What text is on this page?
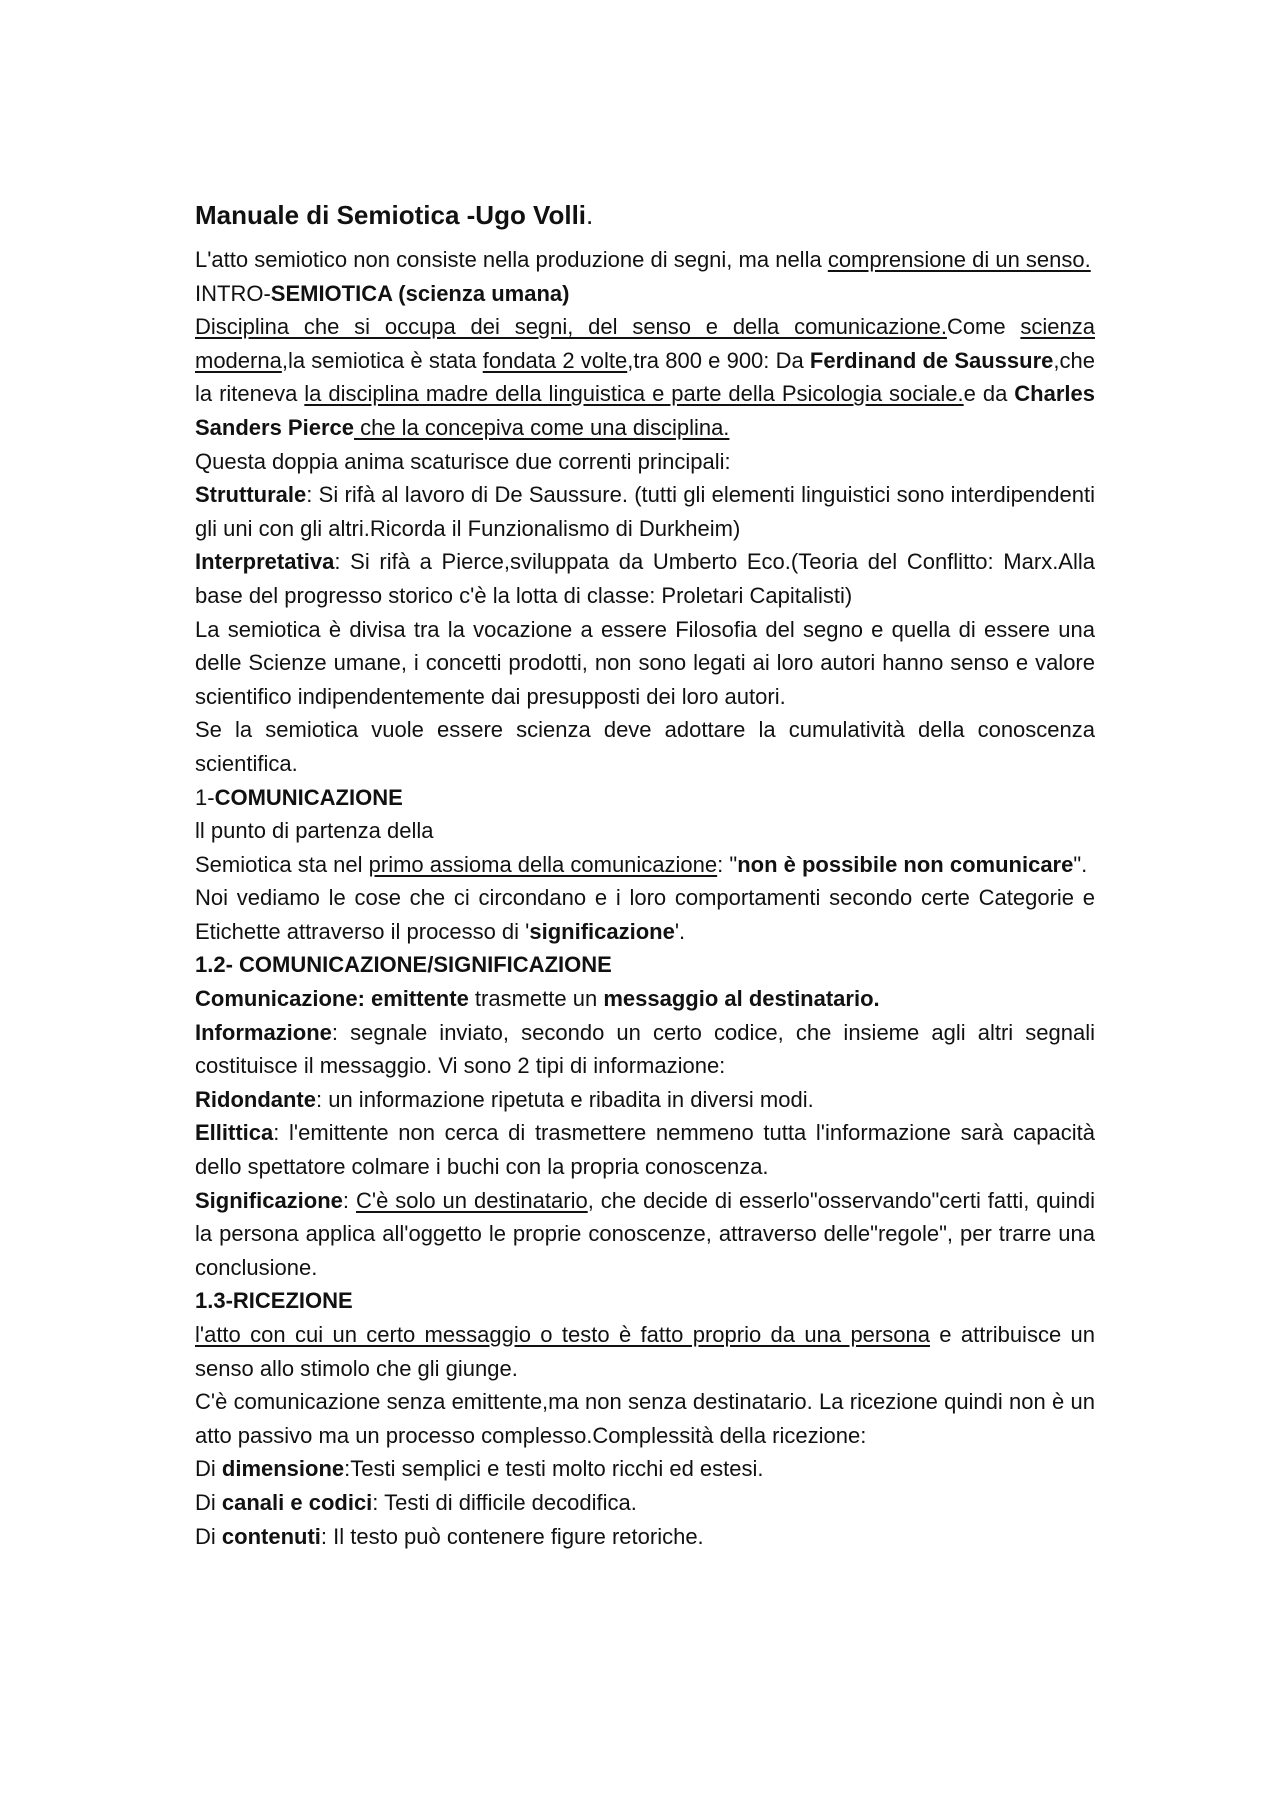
Manuale di Semiotica -Ugo Volli.

L'atto semiotico non consiste nella produzione di segni, ma nella comprensione di un senso.

INTRO-SEMIOTICA (scienza umana)

Disciplina che si occupa dei segni, del senso e della comunicazione.Come scienza moderna,la semiotica è stata fondata 2 volte,tra 800 e 900: Da Ferdinand de Saussure,che la riteneva la disciplina madre della linguistica e parte della Psicologia sociale.e da Charles Sanders Pierce che la concepiva come una disciplina.

Questa doppia anima scaturisce due correnti principali:

Strutturale: Si rifà al lavoro di De Saussure. (tutti gli elementi linguistici sono interdipendenti gli uni con gli altri.Ricorda il Funzionalismo di Durkheim)

Interpretativa: Si rifà a Pierce,sviluppata da Umberto Eco.(Teoria del Conflitto: Marx.Alla base del progresso storico c'è la lotta di classe: Proletari Capitalisti)

La semiotica è divisa tra la vocazione a essere Filosofia del segno e quella di essere una delle Scienze umane, i concetti prodotti, non sono legati ai loro autori hanno senso e valore scientifico indipendentemente dai presupposti dei loro autori.

Se la semiotica vuole essere scienza deve adottare la cumulatività della conoscenza scientifica.

1-COMUNICAZIONE

ll punto di partenza della

Semiotica sta nel primo assioma della comunicazione: "non è possibile non comunicare".

Noi vediamo le cose che ci circondano e i loro comportamenti secondo certe Categorie e Etichette attraverso il processo di 'significazione'.

1.2- COMUNICAZIONE/SIGNIFICAZIONE

Comunicazione: emittente trasmette un messaggio al destinatario.

Informazione: segnale inviato, secondo un certo codice, che insieme agli altri segnali costituisce il messaggio. Vi sono 2 tipi di informazione:

Ridondante: un informazione ripetuta e ribadita in diversi modi.

Ellittica: l'emittente non cerca di trasmettere nemmeno tutta l'informazione sarà capacità dello spettatore colmare i buchi con la propria conoscenza.

Significazione: C'è solo un destinatario, che decide di esserlo"osservando"certi fatti, quindi la persona applica all'oggetto le proprie conoscenze, attraverso delle"regole", per trarre una conclusione.

1.3-RICEZIONE

l'atto con cui un certo messaggio o testo è fatto proprio da una persona e attribuisce un senso allo stimolo che gli giunge.

C'è comunicazione senza emittente,ma non senza destinatario. La ricezione quindi non è un atto passivo ma un processo complesso.Complessità della ricezione:

Di dimensione:Testi semplici e testi molto ricchi ed estesi.

Di canali e codici: Testi di difficile decodifica.

Di contenuti: Il testo può contenere figure retoriche.
